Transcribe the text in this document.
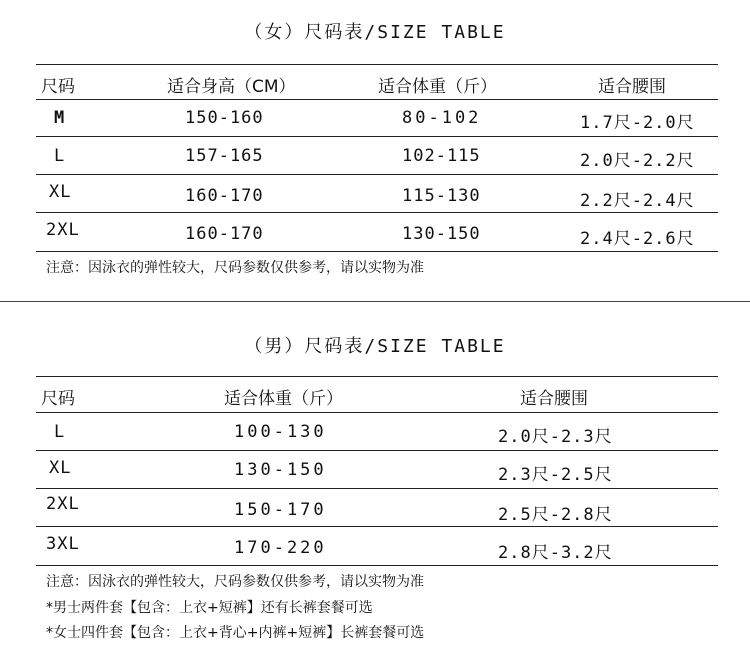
（女）尺码表/SIZE TABLE
尺码	适合身高（CM）	适合体重（斤）	适合腰围
M	150-160	80-102	1.7尺-2.0尺
L	157-165	102-115	2.0尺-2.2尺
XL	160-170	115-130	2.2尺-2.4尺
2XL	160-170	130-150	2.4尺-2.6尺
注意：因泳衣的弹性较大，尺码参数仅供参考，请以实物为准
（男）尺码表/SIZE TABLE
尺码	适合体重（斤）	适合腰围
L	100-130	2.0尺-2.3尺
XL	130-150	2.3尺-2.5尺
2XL	150-170	2.5尺-2.8尺
3XL	170-220	2.8尺-3.2尺
注意：因泳衣的弹性较大，尺码参数仅供参考，请以实物为准
*男士两件套【包含：上衣+短裤】还有长裤套餐可选
*女士四件套【包含：上衣+背心+内裤+短裤】长裤套餐可选
